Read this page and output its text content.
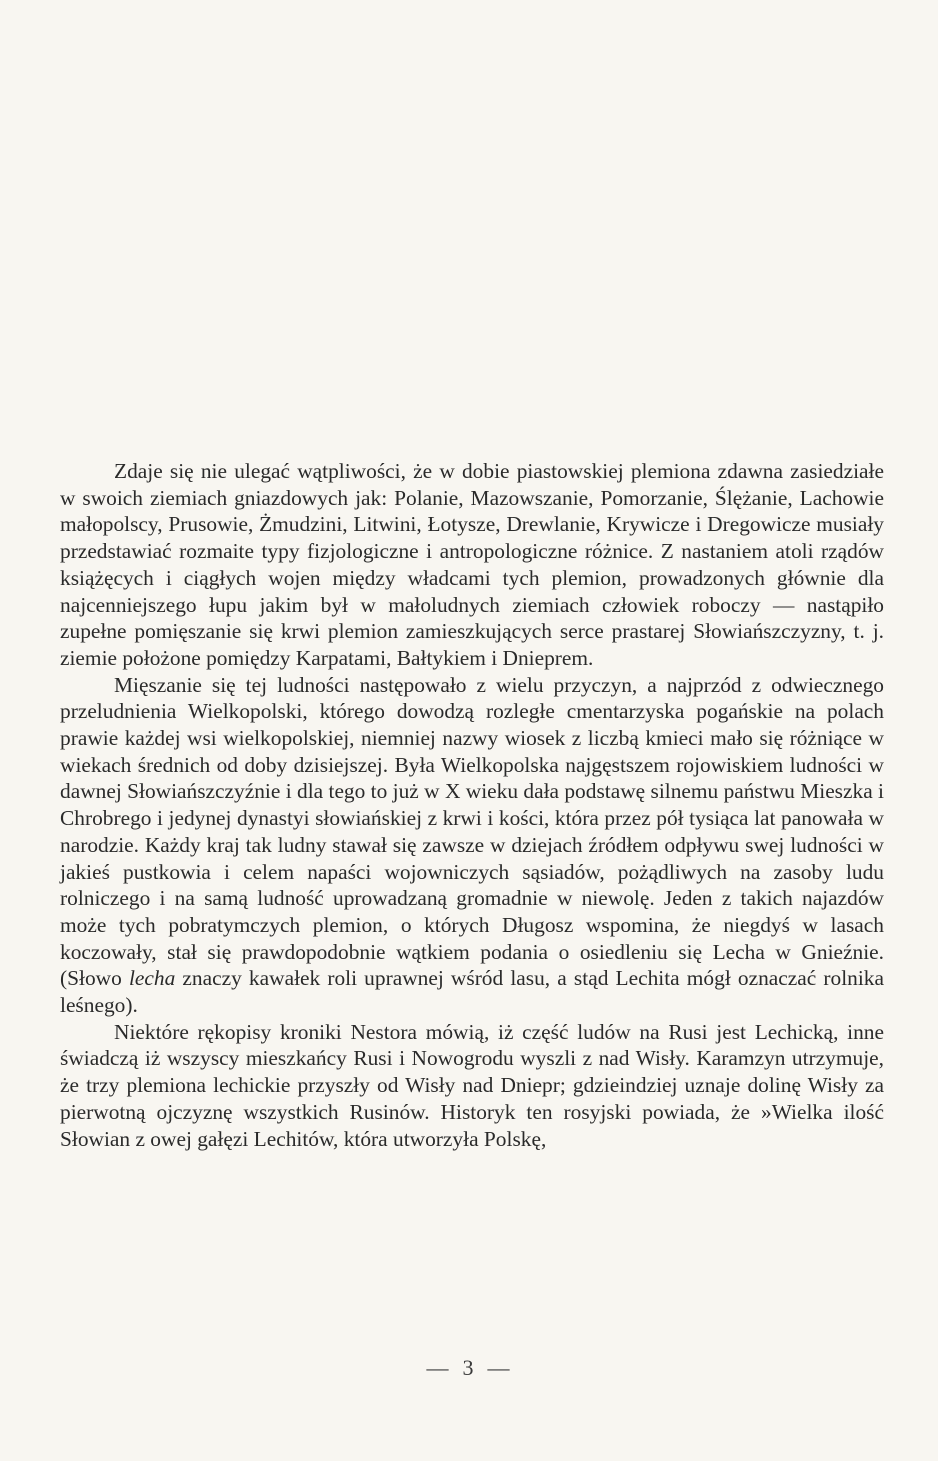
Zdaje się nie ulegać wątpliwości, że w dobie piastowskiej plemiona zdawna zasiedziałe w swoich ziemiach gniazdowych jak: Polanie, Mazowszanie, Pomorzanie, Ślężanie, Lachowie małopolscy, Prusowie, Żmudzini, Litwini, Łotysze, Drewlanie, Krywicze i Dregowicze musiały przedstawiać rozmaite typy fizjologiczne i antropologiczne różnice. Z nastaniem atoli rządów książęcych i ciągłych wojen między władcami tych plemion, prowadzonych głównie dla najcenniejszego łupu jakim był w małoludnych ziemiach człowiek roboczy — nastąpiło zupełne pomięszanie się krwi plemion zamieszkujących serce prastarej Słowiańszczyzny, t. j. ziemie położone pomiędzy Karpatami, Bałtykiem i Dnieprem.

Mięszanie się tej ludności następowało z wielu przyczyn, a najprzód z odwiecznego przeludnienia Wielkopolski, którego dowodzą rozległe cmentarzyska pogańskie na polach prawie każdej wsi wielkopolskiej, niemniej nazwy wiosek z liczbą kmieci mało się różniące w wiekach średnich od doby dzisiejszej. Była Wielkopolska najgęstszem rojowiskiem ludności w dawnej Słowiańszczyźnie i dla tego to już w X wieku dała podstawę silnemu państwu Mieszka i Chrobrego i jedynej dynastyi słowiańskiej z krwi i kości, która przez pół tysiąca lat panowała w narodzie. Każdy kraj tak ludny stawał się zawsze w dziejach źródłem odpływu swej ludności w jakieś pustkowia i celem napaści wojowniczych sąsiadów, pożądliwych na zasoby ludu rolniczego i na samą ludność uprowadzaną gromadnie w niewolę. Jeden z takich najazdów może tych pobratymczych plemion, o których Długosz wspomina, że niegdyś w lasach koczowały, stał się prawdopodobnie wątkiem podania o osiedleniu się Lecha w Gnieźnie. (Słowo lecha znaczy kawałek roli uprawnej wśród lasu, a stąd Lechita mógł oznaczać rolnika leśnego).

Niektóre rękopisy kroniki Nestora mówią, iż część ludów na Rusi jest Lechicką, inne świadczą iż wszyscy mieszkańcy Rusi i Nowogrodu wyszli z nad Wisły. Karamzyn utrzymuje, że trzy plemiona lechickie przyszły od Wisły nad Dniepr; gdzieindziej uznaje dolinę Wisły za pierwotną ojczyznę wszystkich Rusinów. Historyk ten rosyjski powiada, że »Wielka ilość Słowian z owej gałęzi Lechitów, która utworzyła Polskę,

— 3 —
